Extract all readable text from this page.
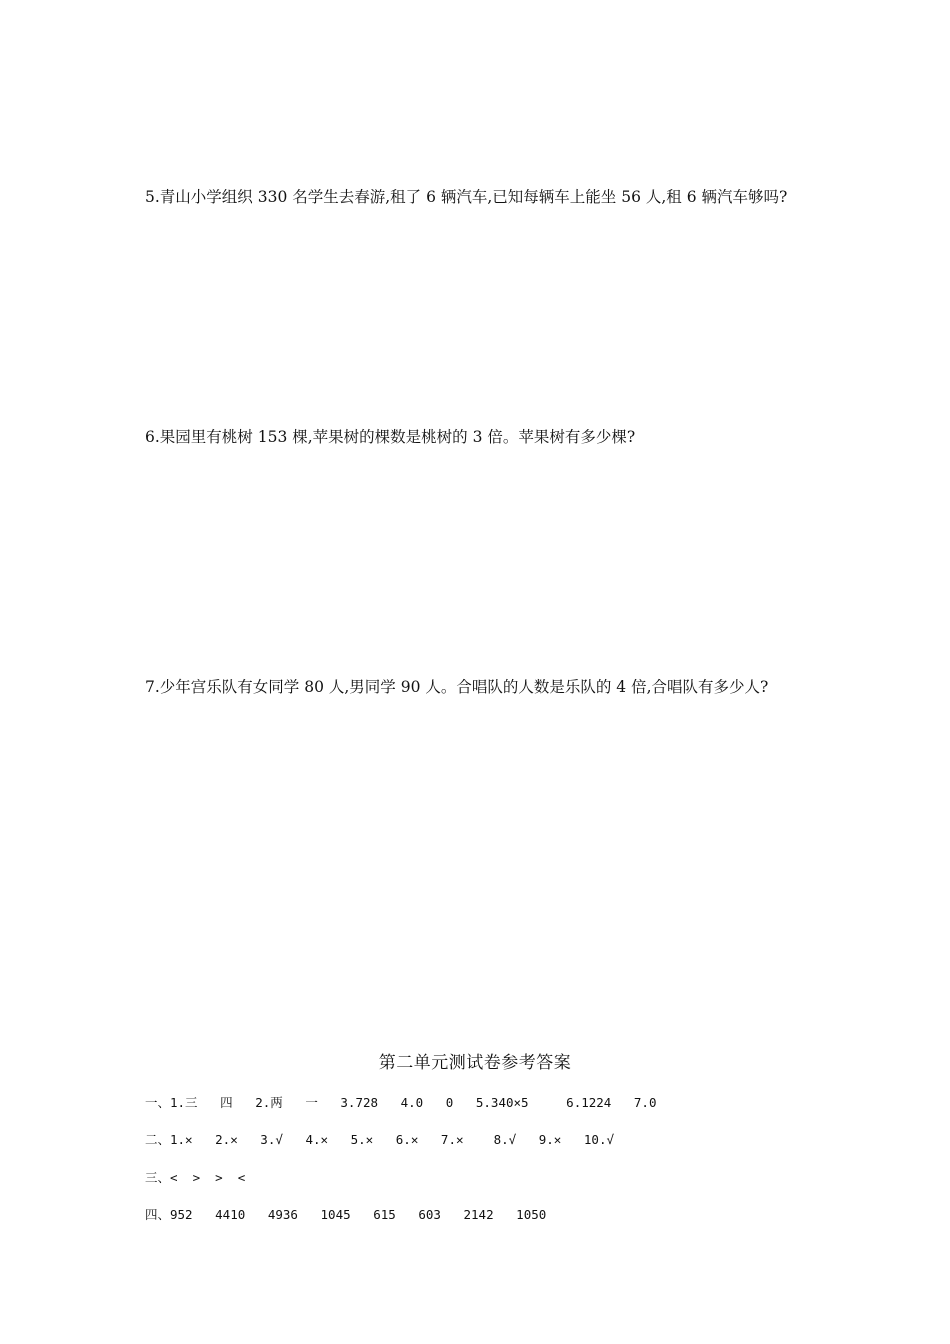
5.青山小学组织 330 名学生去春游,租了 6 辆汽车,已知每辆车上能坐 56 人,租 6 辆汽车够吗?
6.果园里有桃树 153 棵,苹果树的棵数是桃树的 3 倍。苹果树有多少棵?
7.少年宫乐队有女同学 80 人,男同学 90 人。合唱队的人数是乐队的 4 倍,合唱队有多少人?
第二单元测试卷参考答案
一、1.三   四   2.两   一   3.728   4.0   0   5.340×5     6.1224   7.0
二、1.✕   2.✕   3.√   4.✕   5.✕   6.✕   7.✕    8.√   9.✕   10.√
三、<  >  >  <
四、952   4410   4936   1045   615   603   2142   1050
